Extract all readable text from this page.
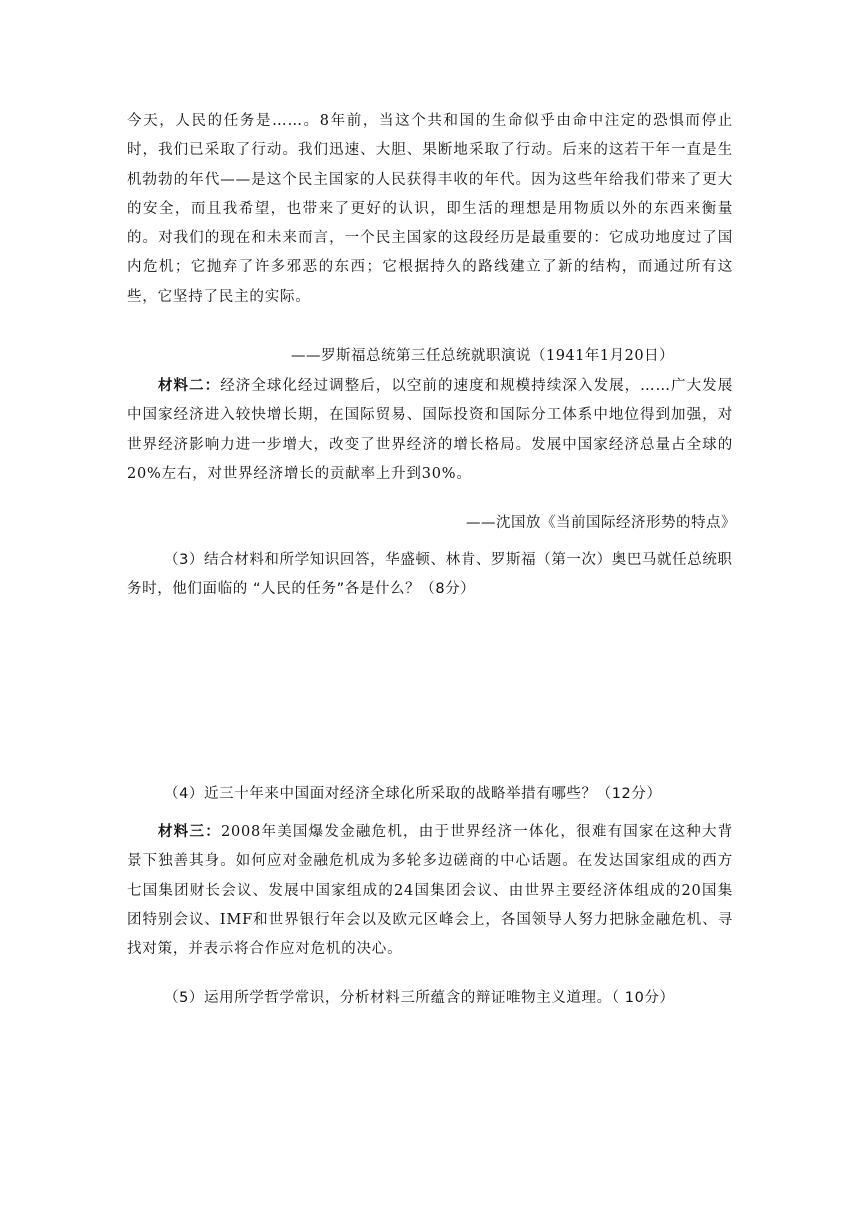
今天，人民的任务是……。8年前，当这个共和国的生命似乎由命中注定的恐惧而停止时，我们已采取了行动。我们迅速、大胆、果断地采取了行动。后来的这若干年一直是生机勃勃的年代——是这个民主国家的人民获得丰收的年代。因为这些年给我们带来了更大的安全，而且我希望，也带来了更好的认识，即生活的理想是用物质以外的东西来衡量的。对我们的现在和未来而言，一个民主国家的这段经历是最重要的：它成功地度过了国内危机；它抛弃了许多邪恶的东西；它根据持久的路线建立了新的结构，而通过所有这些，它坚持了民主的实际。

——罗斯福总统第三任总统就职演说（1941年1月20日）

材料二：经济全球化经过调整后，以空前的速度和规模持续深入发展，……广大发展中国家经济进入较快增长期，在国际贸易、国际投资和国际分工体系中地位得到加强，对世界经济影响力进一步增大，改变了世界经济的增长格局。发展中国家经济总量占全球的20%左右，对世界经济增长的贡献率上升到30%。

——沈国放《当前国际经济形势的特点》

（3）结合材料和所学知识回答，华盛顿、林肯、罗斯福（第一次）奥巴马就任总统职务时，他们面临的 “人民的任务”各是什么？（8分）

（4）近三十年来中国面对经济全球化所采取的战略举措有哪些？（12分）

材料三：2008年美国爆发金融危机，由于世界经济一体化，很难有国家在这种大背景下独善其身。如何应对金融危机成为多轮多边磋商的中心话题。在发达国家组成的西方七国集团财长会议、发展中国家组成的24国集团会议、由世界主要经济体组成的20国集团特别会议、IMF和世界银行年会以及欧元区峰会上，各国领导人努力把脉金融危机、寻找对策，并表示将合作应对危机的决心。

（5）运用所学哲学常识，分析材料三所蕴含的辩证唯物主义道理。（ 10分）
